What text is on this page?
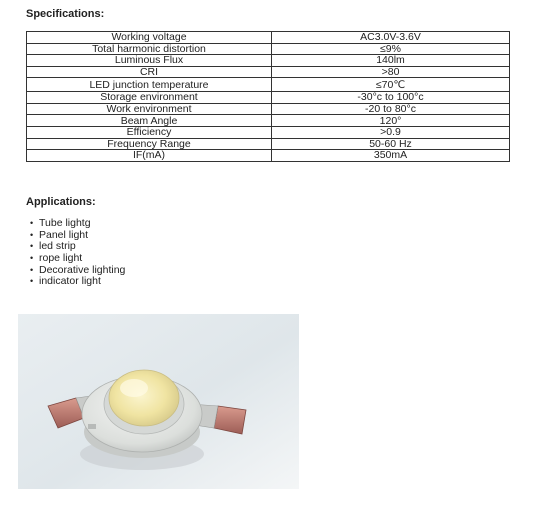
Specifications:
Working voltage	AC3.0V-3.6V
Total harmonic distortion	≤9%
Luminous Flux	140lm
CRI	>80
LED junction temperature	≤70℃
Storage environment	-30°c to 100°c
Work environment	-20 to 80°c
Beam Angle	120°
Efficiency	>0.9
Frequency Range	50-60 Hz
IF(mA)	350mA
Applications:
• Tube lightg
• Panel light
• led strip
• rope light
• Decorative lighting
• indicator light
